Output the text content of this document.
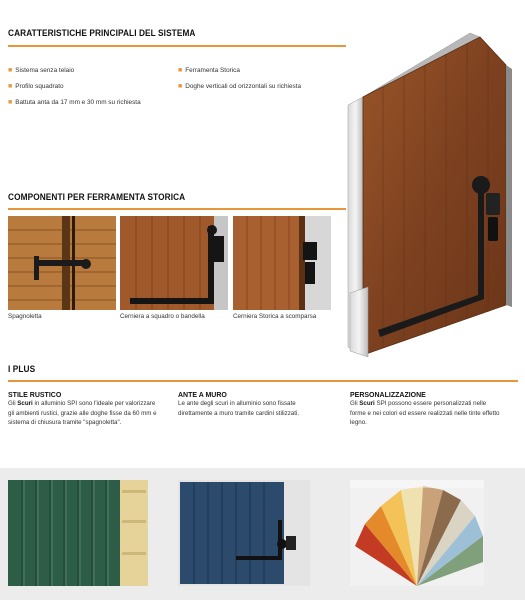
CARATTERISTICHE PRINCIPALI DEL SISTEMA
■ Sistema senza telaio
■ Profilo squadrato
■ Battuta anta da 17 mm e 30 mm su richiesta
■ Ferramenta Storica
■ Doghe verticali od orizzontali su richiesta
COMPONENTI PER FERRAMENTA STORICA
Spagnoletta	Cerniera a squadro o bandella	Cerniera Storica a scomparsa
I PLUS
STILE RUSTICO
Gli Scuri in alluminio SPI sono l'ideale per valorizzare gli ambienti rustici, grazie alle doghe fisse da 60 mm e sistema di chiusura tramite "spagnoletta".
ANTE A MURO
Le ante degli scuri in alluminio sono fissate direttamente a muro tramite cardini stilizzati.
PERSONALIZZAZIONE
Gli Scuri SPI possono essere personalizzati nelle forme e nei colori ed essere realizzati nelle tinte effetto legno.
